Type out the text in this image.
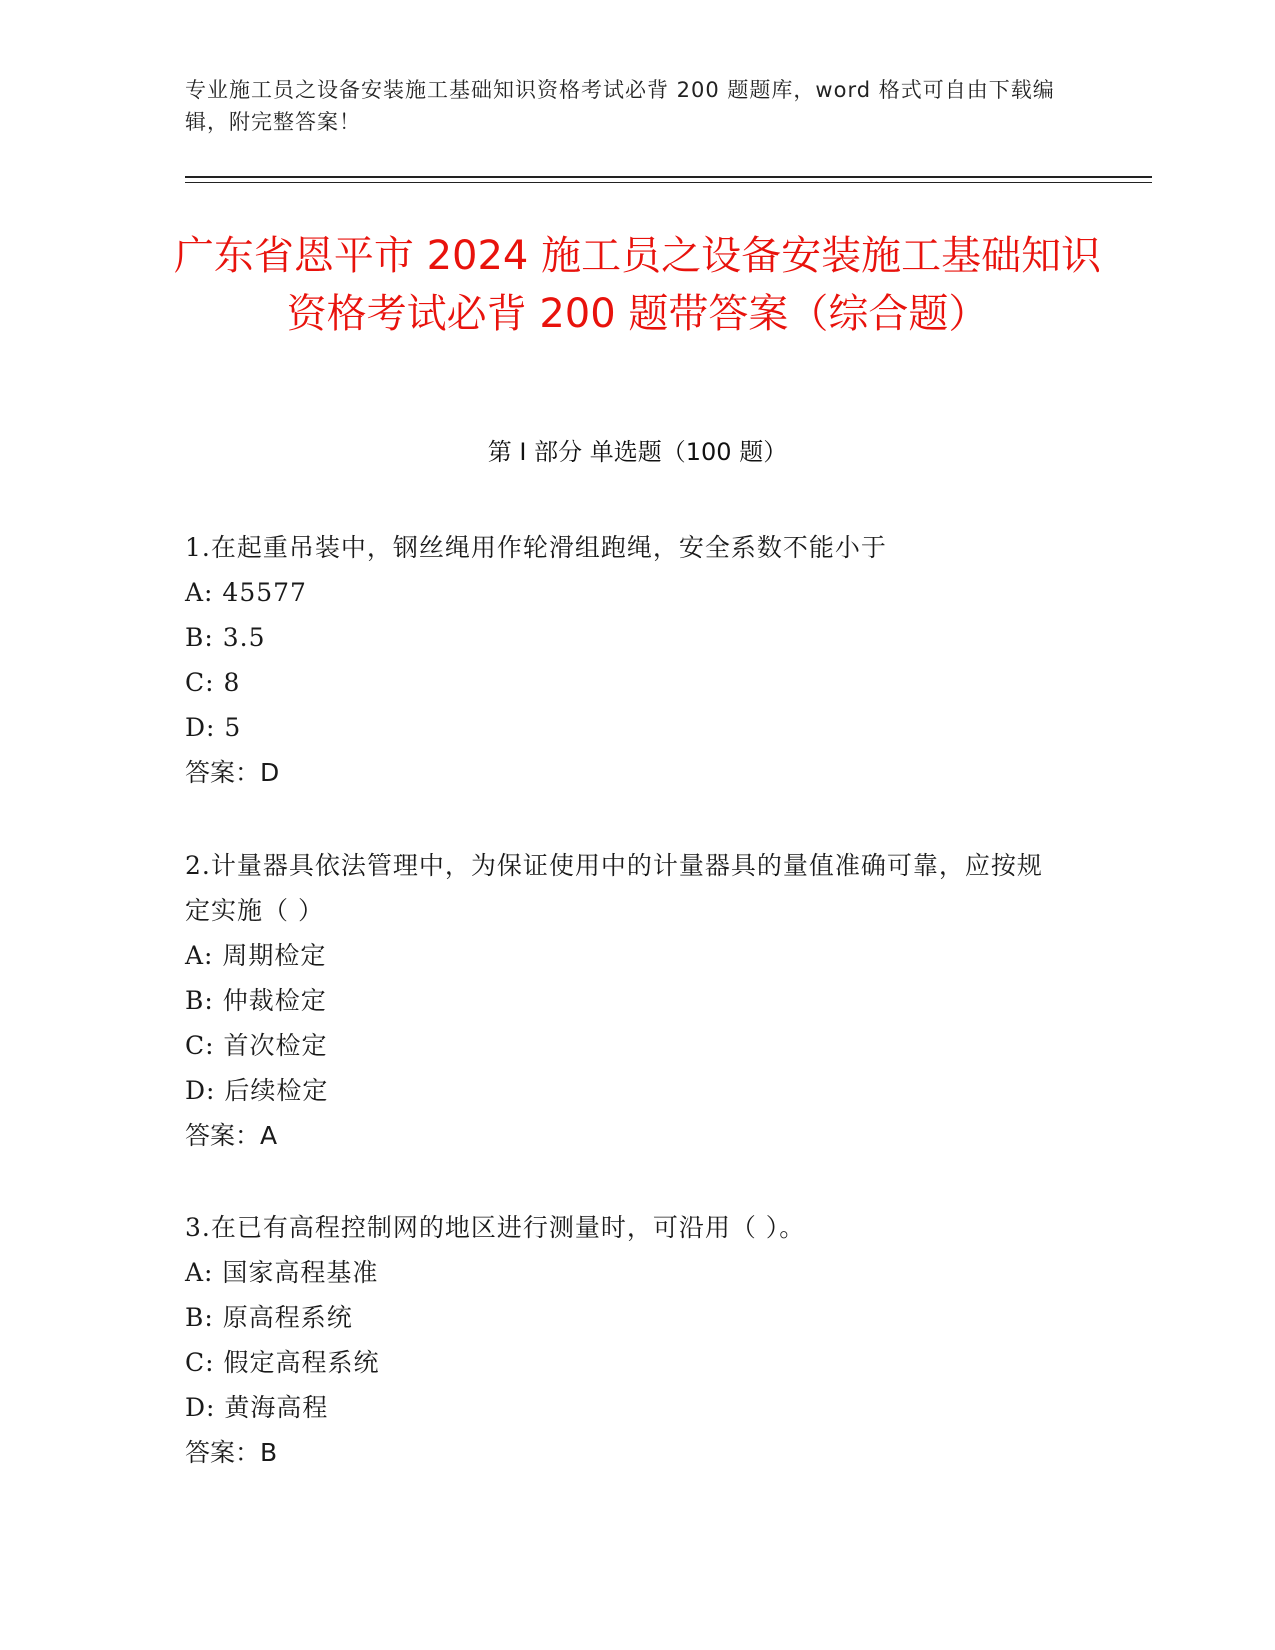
专业施工员之设备安装施工基础知识资格考试必背 200 题题库，word 格式可自由下载编辑，附完整答案！
广东省恩平市 2024 施工员之设备安装施工基础知识资格考试必背 200 题带答案（综合题）
第 I 部分 单选题（100 题）
1.在起重吊装中，钢丝绳用作轮滑组跑绳，安全系数不能小于
A: 45577
B: 3.5
C: 8
D: 5
答案：D
2.计量器具依法管理中，为保证使用中的计量器具的量值准确可靠，应按规定实施（ ）
A: 周期检定
B: 仲裁检定
C: 首次检定
D: 后续检定
答案：A
3.在已有高程控制网的地区进行测量时，可沿用（ ）。
A: 国家高程基准
B: 原高程系统
C: 假定高程系统
D: 黄海高程
答案：B
